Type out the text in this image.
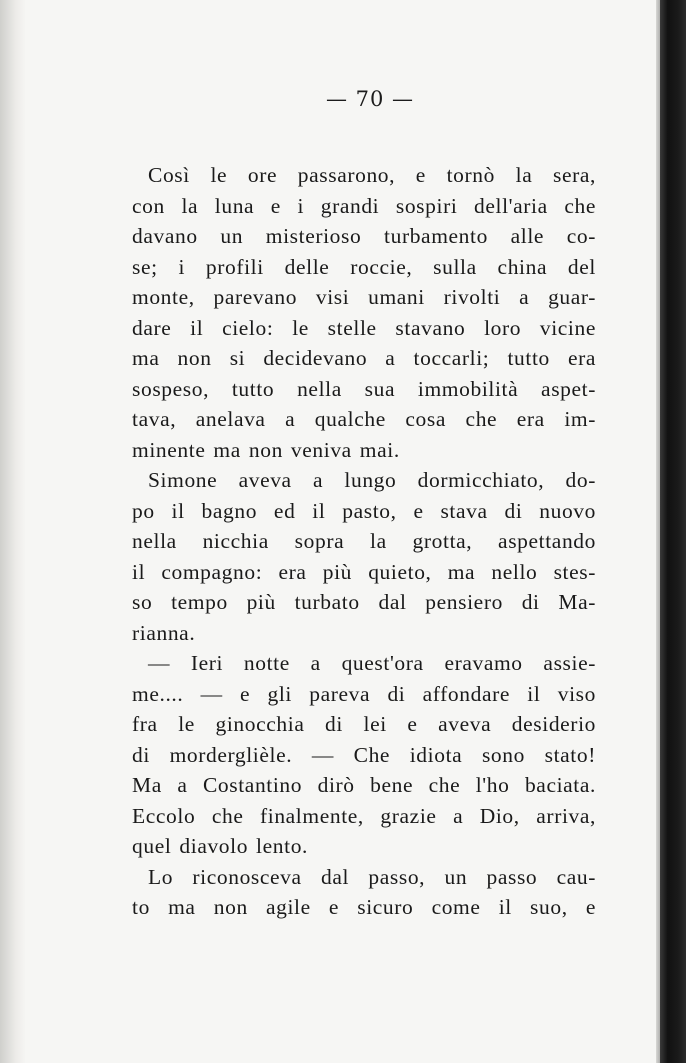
— 70 —
Così le ore passarono, e tornò la sera,
con la luna e i grandi sospiri dell'aria che
davano un misterioso turbamento alle co-
se; i profili delle roccie, sulla china del
monte, parevano visi umani rivolti a guar-
dare il cielo: le stelle stavano loro vicine
ma non si decidevano a toccarli; tutto era
sospeso, tutto nella sua immobilità aspet-
tava, anelava a qualche cosa che era im-
minente ma non veniva mai.
Simone aveva a lungo dormicchiato, do-
po il bagno ed il pasto, e stava di nuovo
nella nicchia sopra la grotta, aspettando
il compagno: era più quieto, ma nello stes-
so tempo più turbato dal pensiero di Ma-
rianna.
— Ieri notte a quest'ora eravamo assie-
me.... — e gli pareva di affondare il viso
fra le ginocchia di lei e aveva desiderio
di morderglièle. — Che idiota sono stato!
Ma a Costantino dirò bene che l'ho baciata.
Eccolo che finalmente, grazie a Dio, arriva,
quel diavolo lento.
Lo riconosceva dal passo, un passo cau-
to ma non agile e sicuro come il suo, e
